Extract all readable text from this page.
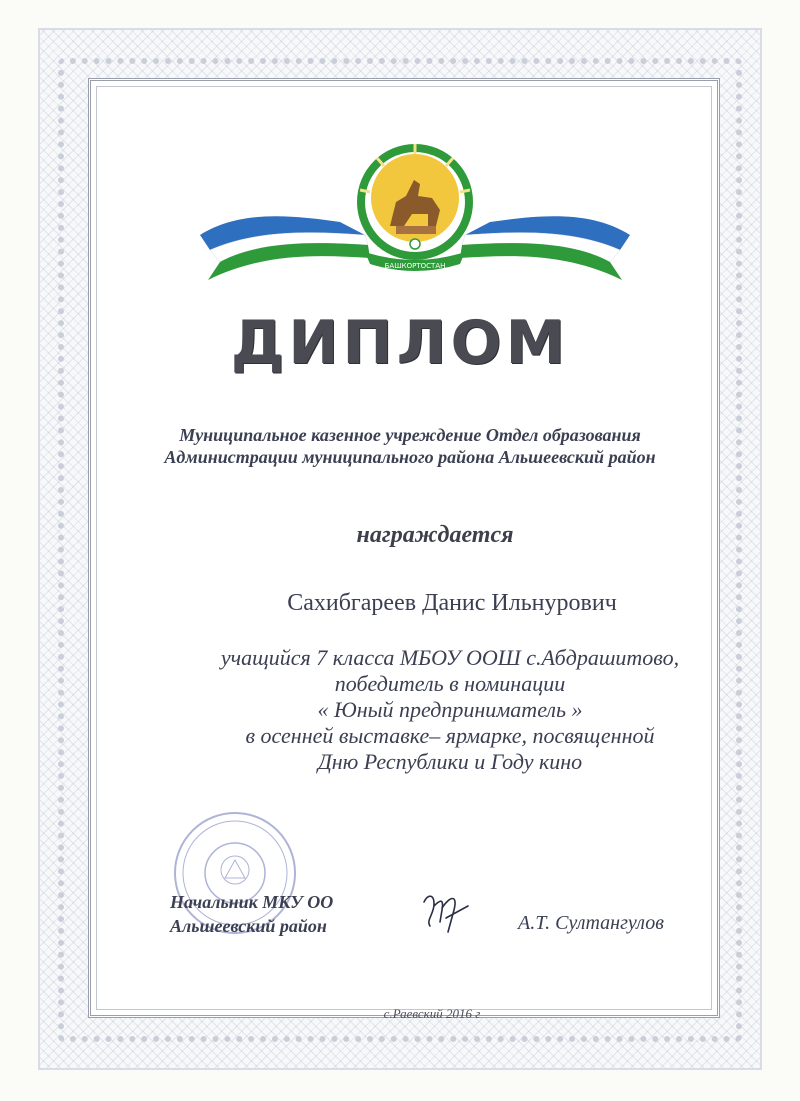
БАШКОРТОСТАН
ДИПЛОМ
Муниципальное казенное учреждение Отдел образования
Администрации муниципального района Альшеевский район
награждается
Сахибгареев Данис Ильнурович
учащийся 7 класса МБОУ ООШ с.Абдрашитово,
победитель в номинации
« Юный предприниматель »
в осенней выставке– ярмарке, посвященной
Дню Республики и Году кино
Начальник МКУ ОО
Альшеевский район	А.Т. Султангулов
с.Раевский 2016 г
